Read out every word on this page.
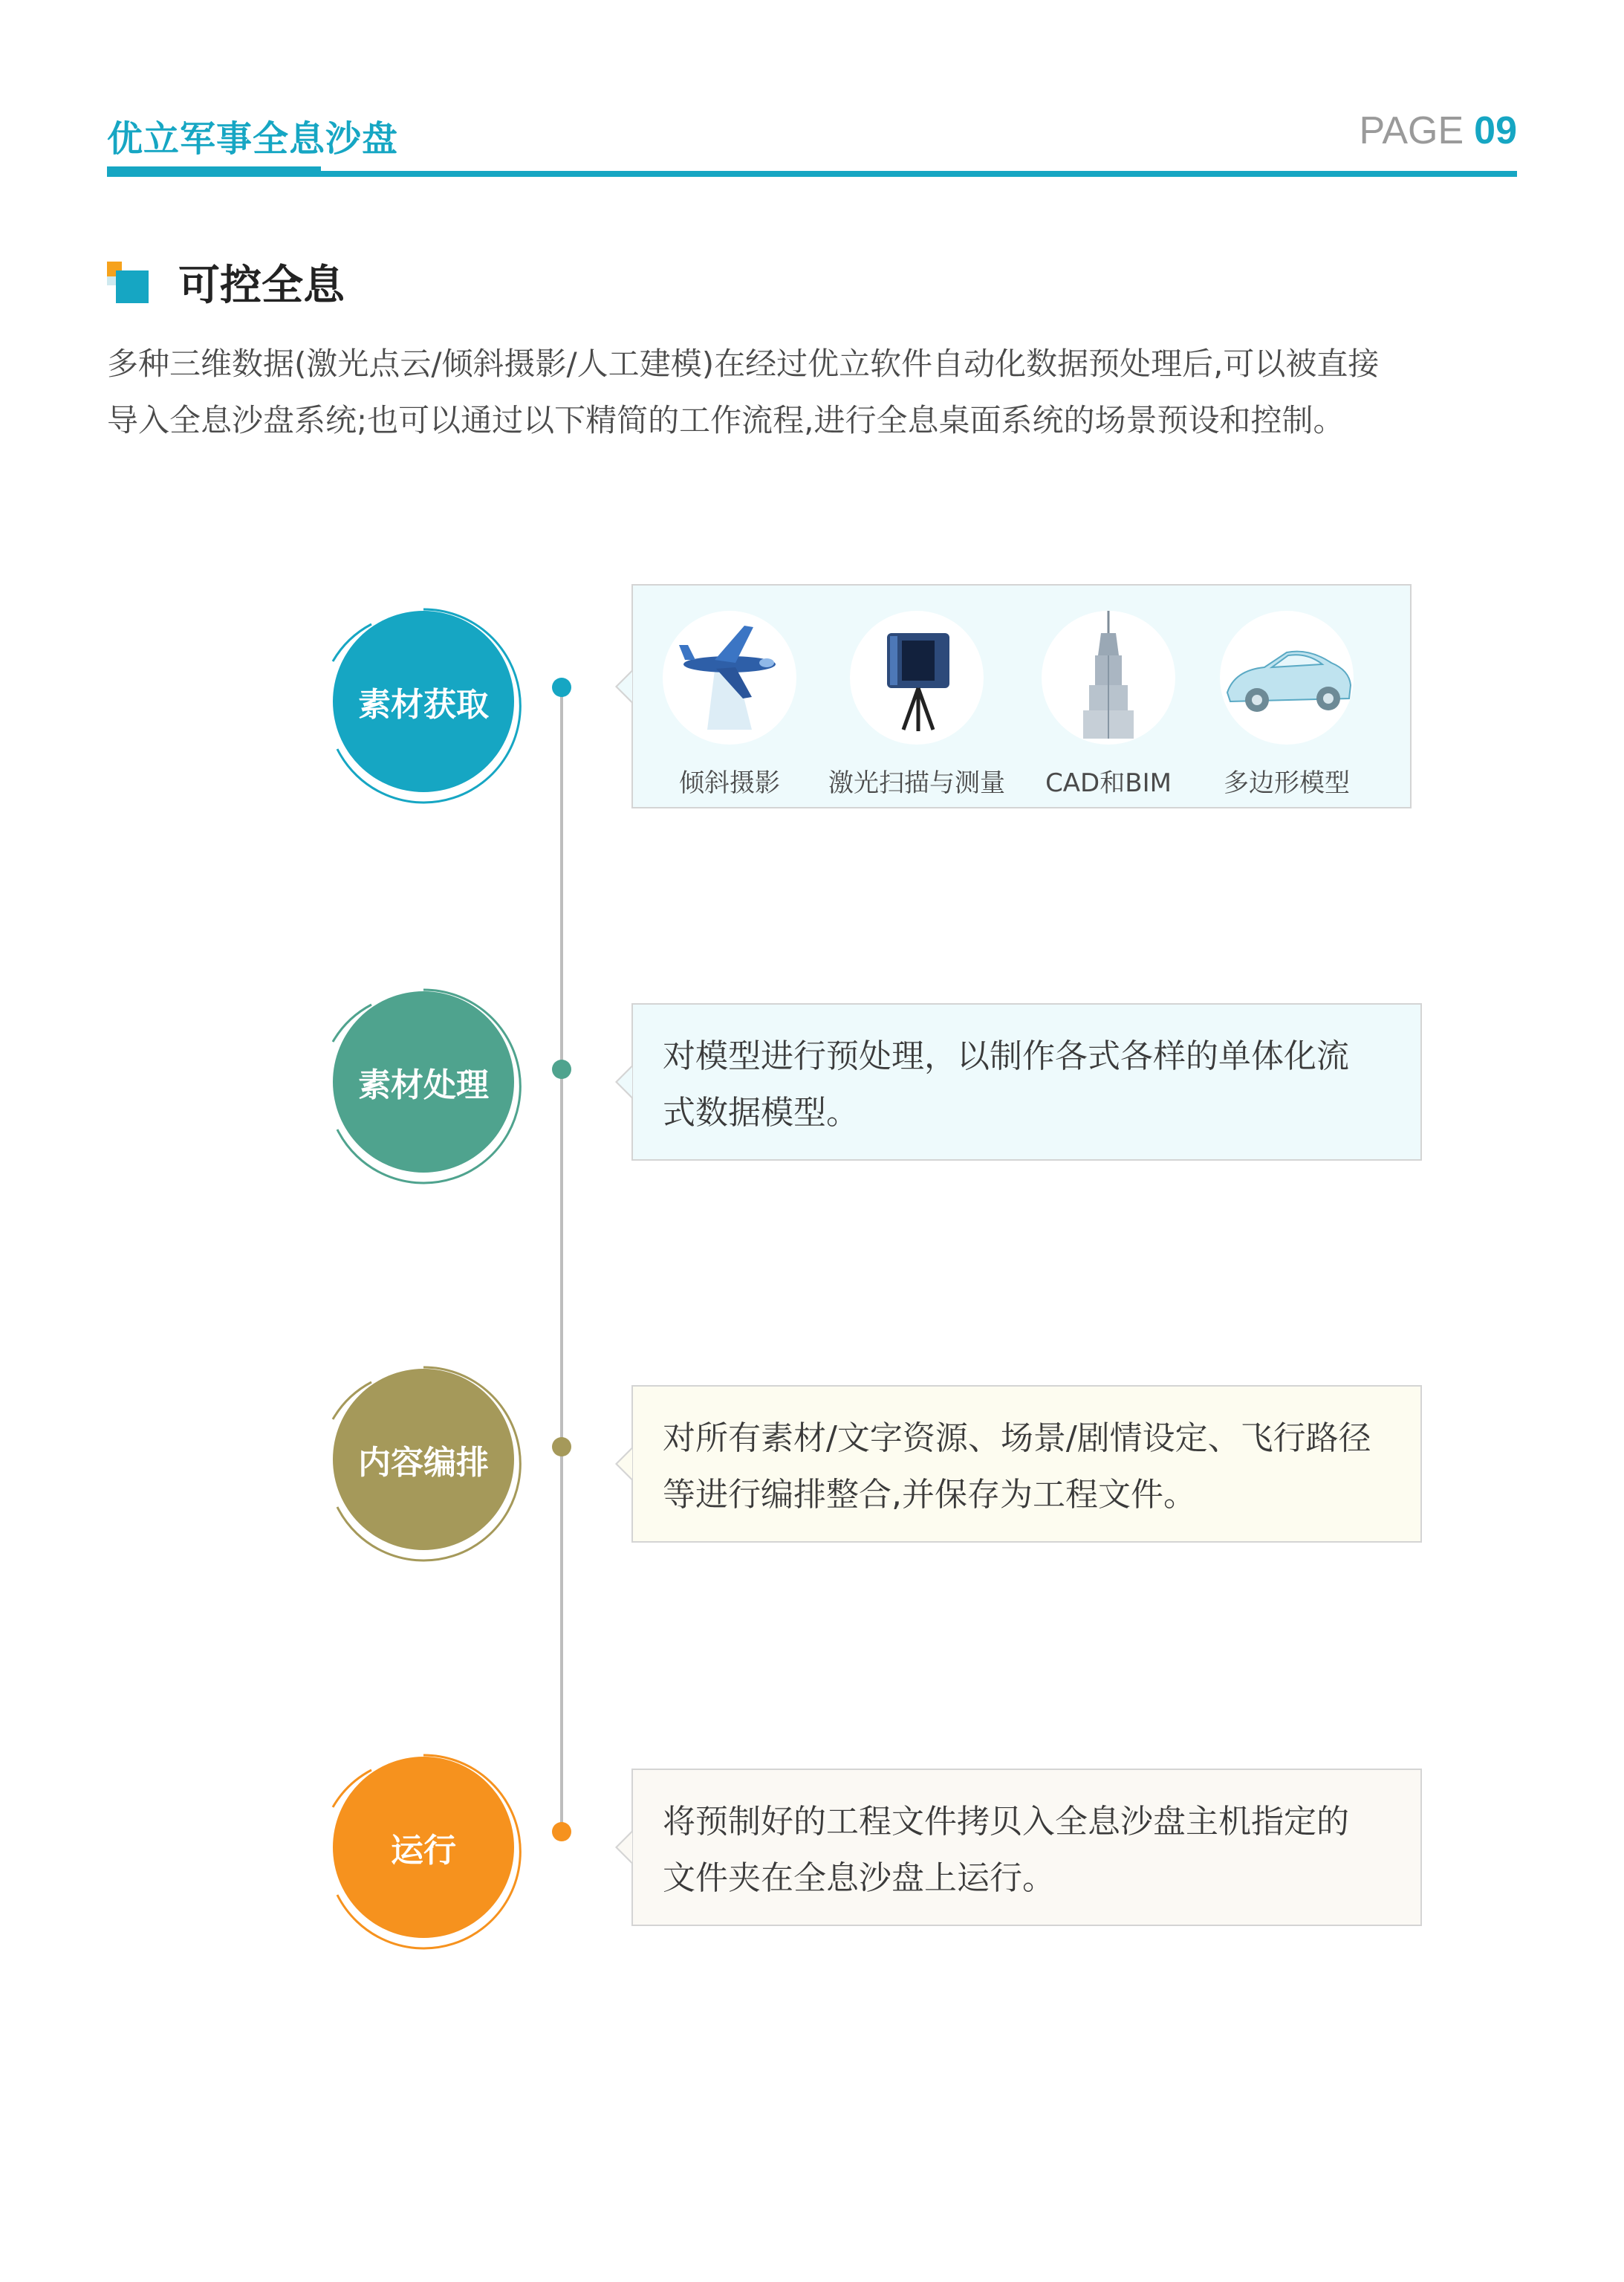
优立军事全息沙盘	PAGE 09
可控全息

多种三维数据(激光点云/倾斜摄影/人工建模)在经过优立软件自动化数据预处理后,可以被直接

导入全息沙盘系统;也可以通过以下精简的工作流程,进行全息桌面系统的场景预设和控制。

素材获取
倾斜摄影	激光扫描与测量	CAD和BIM	多边形模型
素材处理
对模型进行预处理，以制作各式各样的单体化流
式数据模型。
内容编排
对所有素材/文字资源、场景/剧情设定、飞行路径
等进行编排整合,并保存为工程文件。
运行
将预制好的工程文件拷贝入全息沙盘主机指定的
文件夹在全息沙盘上运行。
